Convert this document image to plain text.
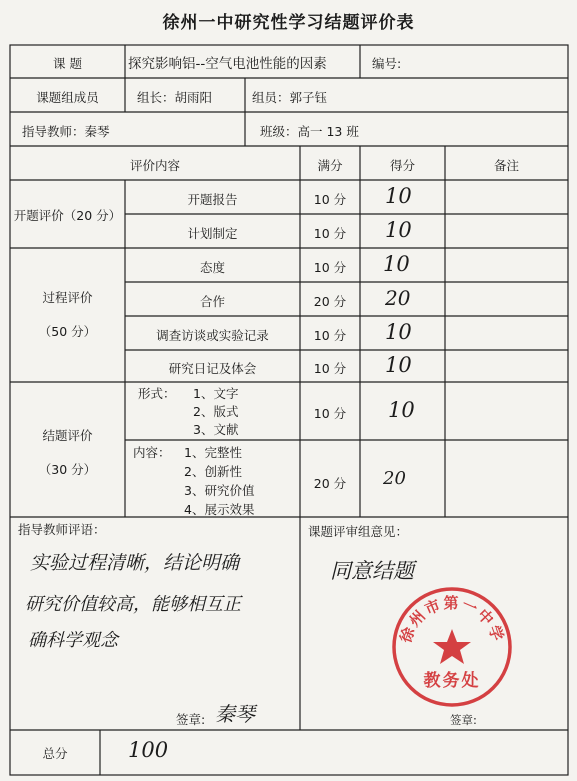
徐州一中研究性学习结题评价表
课 题	探究影响铝--空气电池性能的因素	编号:
课题组成员	组长：胡雨阳	组员：郭子钰
指导教师：秦琴	班级：高一 13 班
评价内容	满分	得分	备注
开题评价（20 分）
开题报告	10 分	10
计划制定	10 分	10
过程评价
（50 分）
态度	10 分	10
合作	20 分	20
调查访谈或实验记录	10 分	10
研究日记及体会	10 分	10
结题评价
（30 分）
形式： 1、文字
2、版式
3、文献
10 分	10
内容： 1、完整性
2、创新性
3、研究价值
4、展示效果
20 分	20
指导教师评语：
实验过程清晰，结论明确
研究价值较高，能够相互正
确科学观念
签章: 秦琴
课题评审组意见：
同意结题
签章:
徐州市第一中学
教务处
总分	100
